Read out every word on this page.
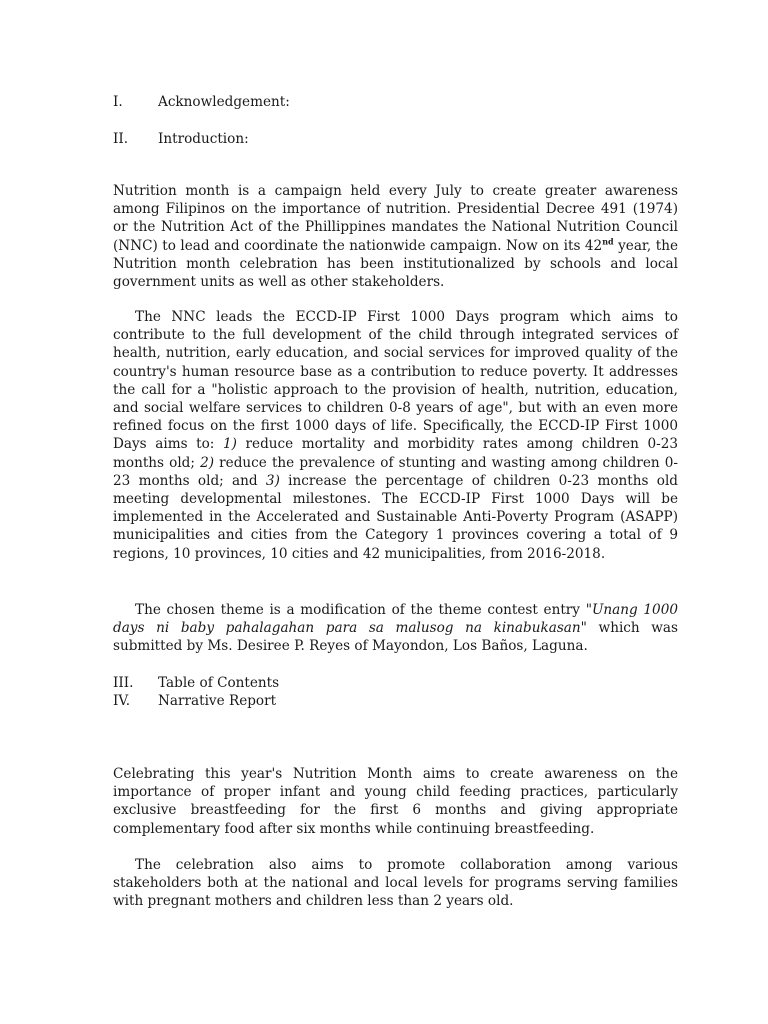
I.	Acknowledgement:

II. Introduction:

Nutrition month is a campaign held every July to create greater awareness among Filipinos on the importance of nutrition. Presidential Decree 491 (1974) or the Nutrition Act of the Phillippines mandates the National Nutrition Council (NNC) to lead and coordinate the nationwide campaign. Now on its 42nd year, the Nutrition month celebration has been institutionalized by schools and local government units as well as other stakeholders.

The NNC leads the ECCD-IP First 1000 Days program which aims to contribute to the full development of the child through integrated services of health, nutrition, early education, and social services for improved quality of the country's human resource base as a contribution to reduce poverty. It addresses the call for a "holistic approach to the provision of health, nutrition, education, and social welfare services to children 0-8 years of age", but with an even more refined focus on the first 1000 days of life. Specifically, the ECCD-IP First 1000 Days aims to: 1) reduce mortality and morbidity rates among children 0-23 months old; 2) reduce the prevalence of stunting and wasting among children 0-23 months old; and 3) increase the percentage of children 0-23 months old meeting developmental milestones. The ECCD-IP First 1000 Days will be implemented in the Accelerated and Sustainable Anti-Poverty Program (ASAPP) municipalities and cities from the Category 1 provinces covering a total of 9 regions, 10 provinces, 10 cities and 42 municipalities, from 2016-2018.

The chosen theme is a modification of the theme contest entry "Unang 1000 days ni baby pahalagahan para sa malusog na kinabukasan" which was submitted by Ms. Desiree P. Reyes of Mayondon, Los Baños, Laguna.

III. Table of Contents

IV. Narrative Report

Celebrating this year's Nutrition Month aims to create awareness on the importance of proper infant and young child feeding practices, particularly exclusive breastfeeding for the first 6 months and giving appropriate complementary food after six months while continuing breastfeeding.

The celebration also aims to promote collaboration among various stakeholders both at the national and local levels for programs serving families with pregnant mothers and children less than 2 years old.
